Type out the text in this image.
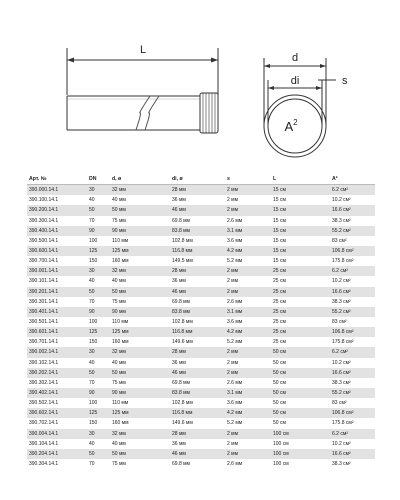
L
d
di	s
$A^2$
Арт. №	DN	d, ø	di, ø	s	L	A²
390.000.14.1	30	32 мм	28 мм	2 мм	15 см	6.2 см²
390.100.14.1	40	40 мм	36 мм	2 мм	15 см	10.2 см²
390.200.14.1	50	50 мм	46 мм	2 мм	15 см	16.6 см²
390.300.14.1	70	75 мм	69.8 мм	2.6 мм	15 см	38.3 см²
390.400.14.1	90	90 мм	83.8 мм	3.1 мм	15 см	55.2 см²
390.500.14.1	100	110 мм	102.8 мм	3.6 мм	15 см	83 см²
390.600.14.1	125	125 мм	116.8 мм	4.2 мм	15 см	106.8 см²
390.700.14.1	150	160 мм	149.5 мм	5.2 мм	15 см	175.8 см²
390.001.14.1	30	32 мм	28 мм	2 мм	25 см	6.2 см²
390.101.14.1	40	40 мм	36 мм	2 мм	25 см	10.2 см²
390.201.14.1	50	50 мм	46 мм	2 мм	25 см	16.6 см²
390.301.14.1	70	75 мм	69.8 мм	2.6 мм	25 см	38.3 см²
390.401.14.1	90	90 мм	83.8 мм	3.1 мм	25 см	55.2 см²
390.501.14.1	100	110 мм	102.8 мм	3.6 мм	25 см	83 см²
390.601.14.1	125	125 мм	116.8 мм	4.2 мм	25 см	106.8 см²
390.701.14.1	150	160 мм	149.6 мм	5.2 мм	25 см	175.8 см²
390.002.14.1	30	32 мм	28 мм	2 мм	50 см	6.2 см²
390.102.14.1	40	40 мм	36 мм	2 мм	50 см	10.2 см²
390.202.14.1	50	50 мм	46 мм	2 мм	50 см	16.6 см²
390.302.14.1	70	75 мм	69.8 мм	2.6 мм	50 см	38.3 см²
390.402.14.1	90	90 мм	83.8 мм	3.1 мм	50 см	55.2 см²
390.502.14.1	100	110 мм	102.8 мм	3.6 мм	50 см	83 см²
390.602.14.1	125	125 мм	116.8 мм	4.2 мм	50 см	106.8 см²
390.702.14.1	150	160 мм	149.6 мм	5.2 мм	50 см	175.8 см²
390.004.14.1	30	32 мм	28 мм	2 мм	100 см	6.2 см²
390.104.14.1	40	40 мм	36 мм	2 мм	100 см	10.2 см²
390.204.14.1	50	50 мм	46 мм	2 мм	100 см	16.6 см²
390.304.14.1	70	75 мм	69.8 мм	2.6 мм	100 см	38.3 см²
